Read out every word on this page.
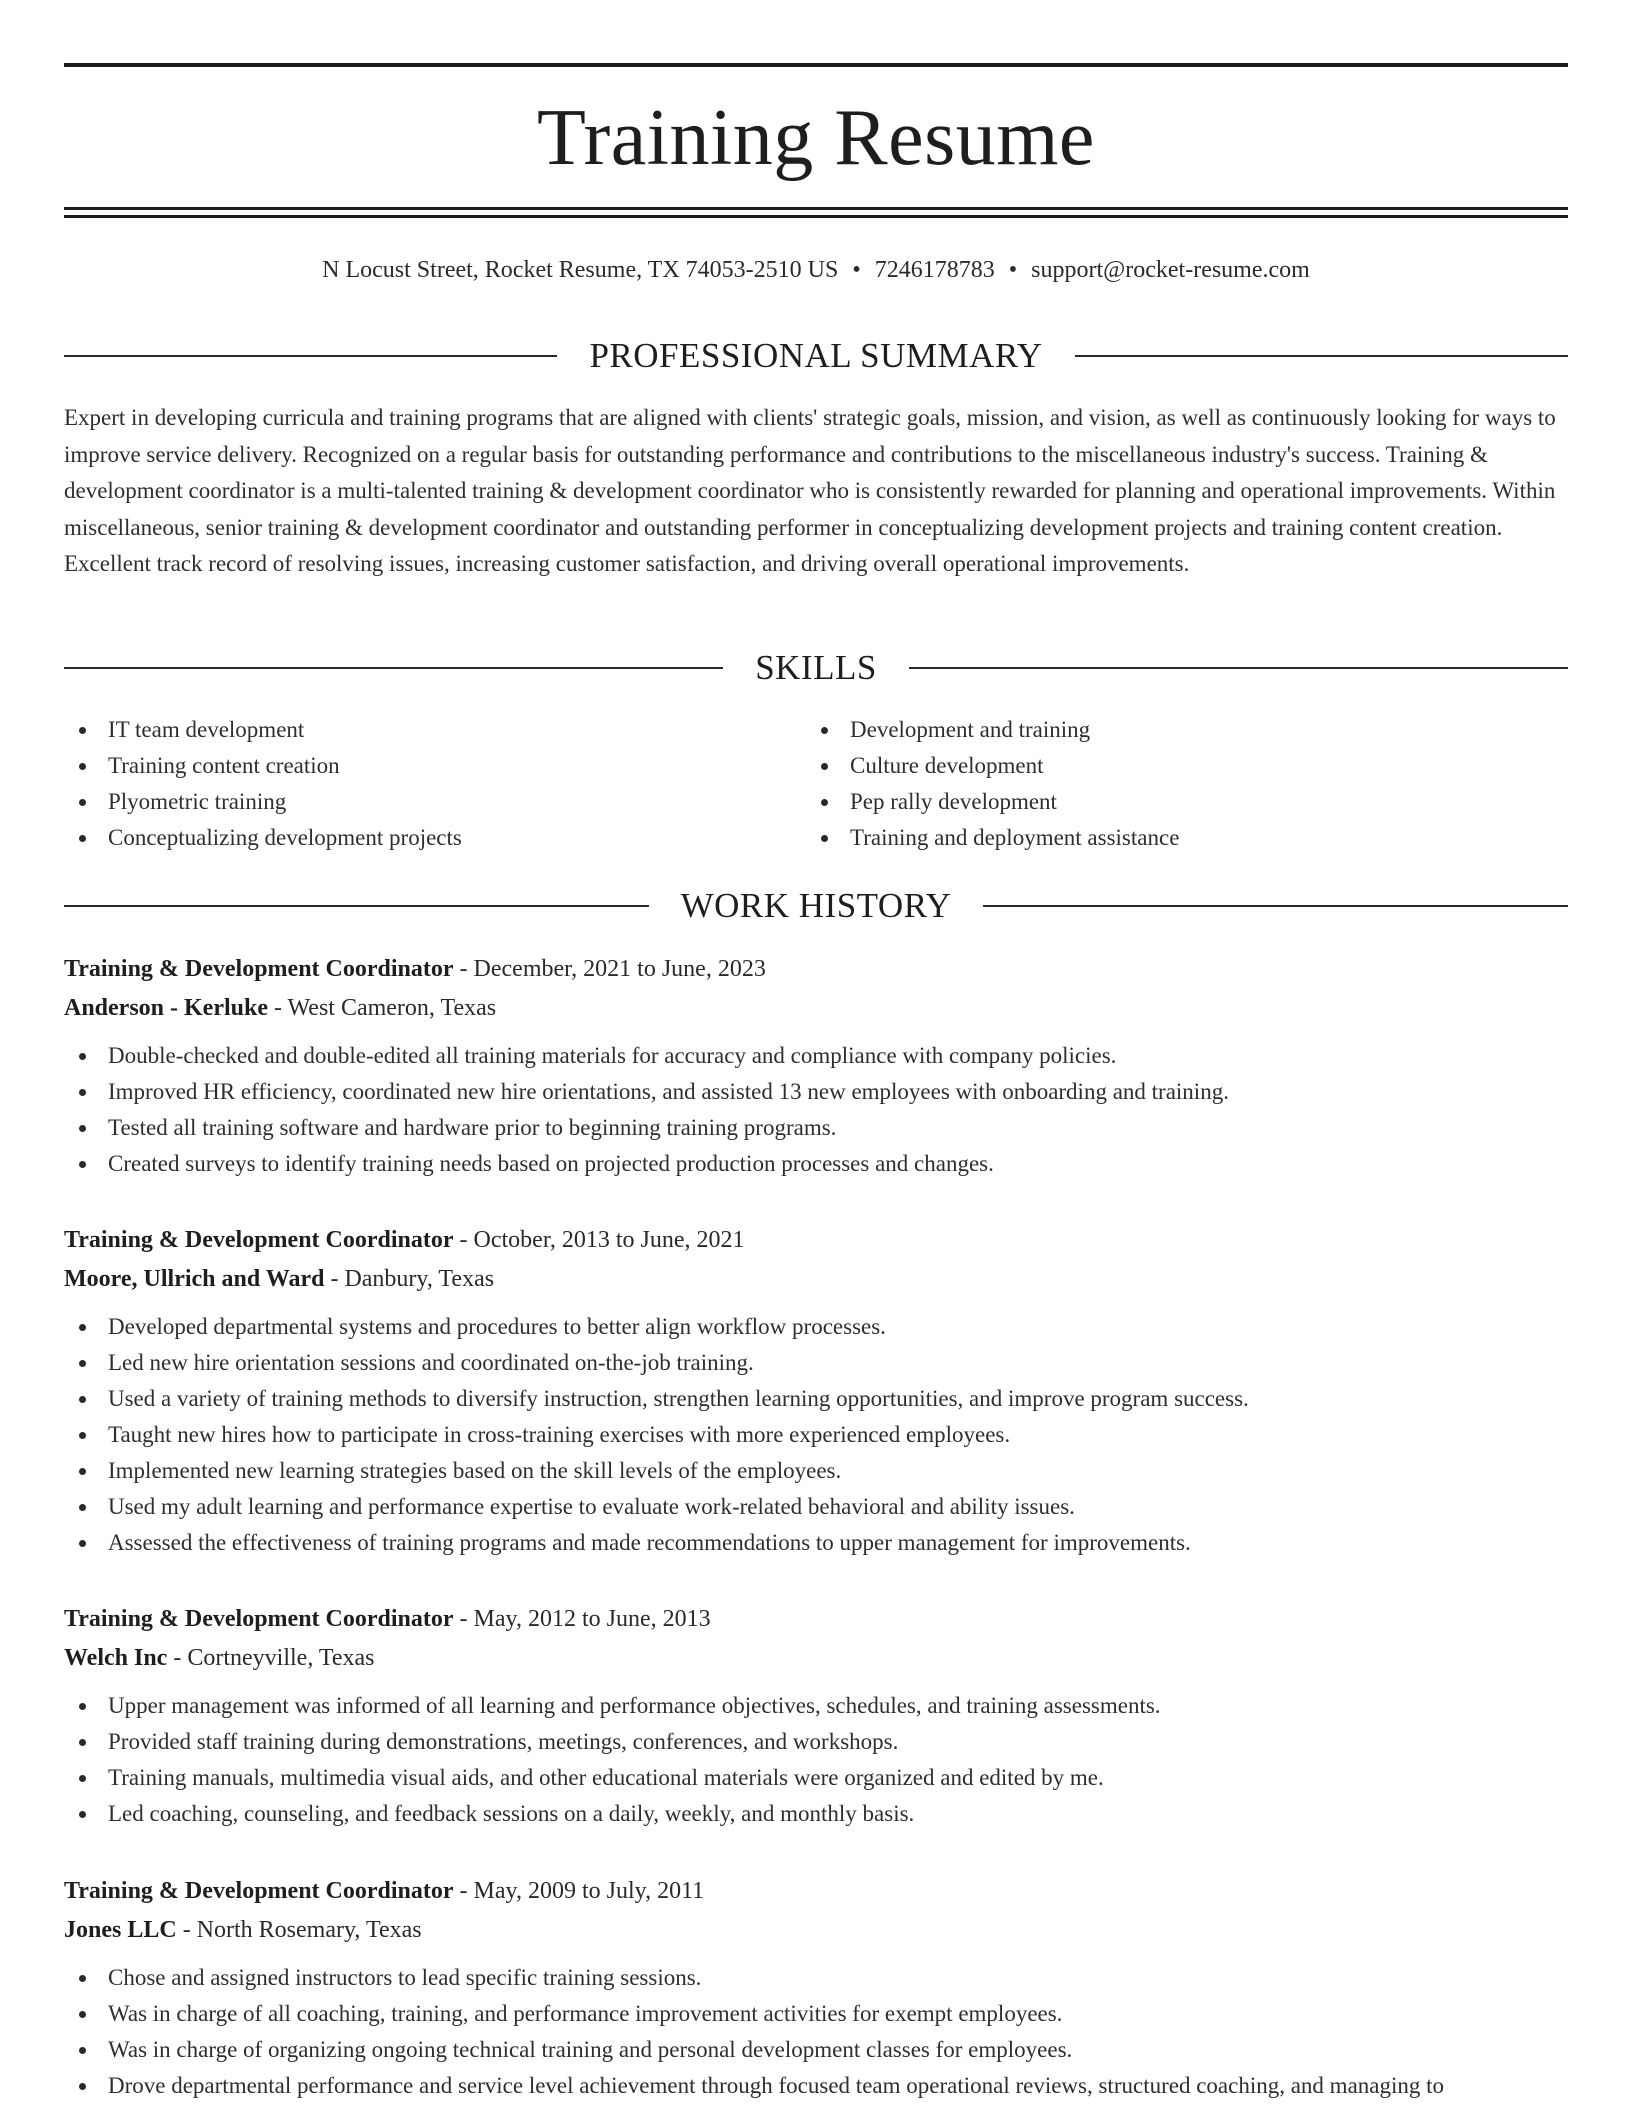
Training Resume
N Locust Street, Rocket Resume, TX 74053-2510 US • 7246178783 • support@rocket-resume.com
PROFESSIONAL SUMMARY

Expert in developing curricula and training programs that are aligned with clients' strategic goals, mission, and vision, as well as continuously looking for ways to improve service delivery. Recognized on a regular basis for outstanding performance and contributions to the miscellaneous industry's success. Training & development coordinator is a multi-talented training & development coordinator who is consistently rewarded for planning and operational improvements. Within miscellaneous, senior training & development coordinator and outstanding performer in conceptualizing development projects and training content creation. Excellent track record of resolving issues, increasing customer satisfaction, and driving overall operational improvements.

SKILLS
IT team development
Training content creation
Plyometric training
Conceptualizing development projects
Development and training
Culture development
Pep rally development
Training and deployment assistance
WORK HISTORY
Training & Development Coordinator - December, 2021 to June, 2023
Anderson - Kerluke - West Cameron, Texas
Double-checked and double-edited all training materials for accuracy and compliance with company policies.
Improved HR efficiency, coordinated new hire orientations, and assisted 13 new employees with onboarding and training.
Tested all training software and hardware prior to beginning training programs.
Created surveys to identify training needs based on projected production processes and changes.
Training & Development Coordinator - October, 2013 to June, 2021
Moore, Ullrich and Ward - Danbury, Texas
Developed departmental systems and procedures to better align workflow processes.
Led new hire orientation sessions and coordinated on-the-job training.
Used a variety of training methods to diversify instruction, strengthen learning opportunities, and improve program success.
Taught new hires how to participate in cross-training exercises with more experienced employees.
Implemented new learning strategies based on the skill levels of the employees.
Used my adult learning and performance expertise to evaluate work-related behavioral and ability issues.
Assessed the effectiveness of training programs and made recommendations to upper management for improvements.
Training & Development Coordinator - May, 2012 to June, 2013
Welch Inc - Cortneyville, Texas
Upper management was informed of all learning and performance objectives, schedules, and training assessments.
Provided staff training during demonstrations, meetings, conferences, and workshops.
Training manuals, multimedia visual aids, and other educational materials were organized and edited by me.
Led coaching, counseling, and feedback sessions on a daily, weekly, and monthly basis.
Training & Development Coordinator - May, 2009 to July, 2011
Jones LLC - North Rosemary, Texas
Chose and assigned instructors to lead specific training sessions.
Was in charge of all coaching, training, and performance improvement activities for exempt employees.
Was in charge of organizing ongoing technical training and personal development classes for employees.
Drove departmental performance and service level achievement through focused team operational reviews, structured coaching, and managing to
